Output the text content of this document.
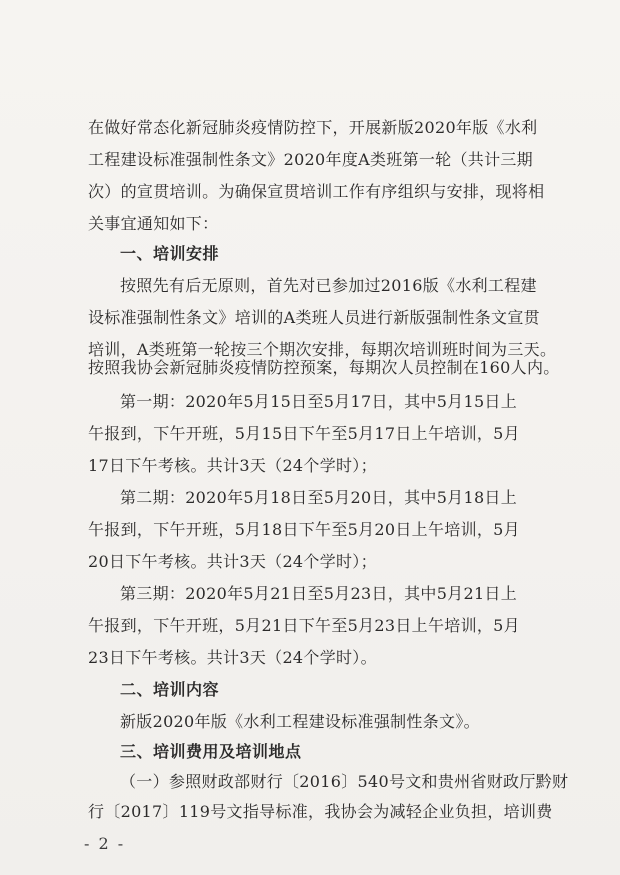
在做好常态化新冠肺炎疫情防控下，开展新版2020年版《水利
工程建设标准强制性条文》2020年度A类班第一轮（共计三期
次）的宣贯培训。为确保宣贯培训工作有序组织与安排，现将相
关事宜通知如下：
一、培训安排
按照先有后无原则，首先对已参加过2016版《水利工程建
设标准强制性条文》培训的A类班人员进行新版强制性条文宣贯
培训，A类班第一轮按三个期次安排，每期次培训班时间为三天。
按照我协会新冠肺炎疫情防控预案，每期次人员控制在160人内。
第一期：2020年5月15日至5月17日，其中5月15日上
午报到，下午开班，5月15日下午至5月17日上午培训，5月
17日下午考核。共计3天（24个学时）；
第二期：2020年5月18日至5月20日，其中5月18日上
午报到，下午开班，5月18日下午至5月20日上午培训，5月
20日下午考核。共计3天（24个学时）；
第三期：2020年5月21日至5月23日，其中5月21日上
午报到，下午开班，5月21日下午至5月23日上午培训，5月
23日下午考核。共计3天（24个学时）。
二、培训内容
新版2020年版《水利工程建设标准强制性条文》。
三、培训费用及培训地点
（一）参照财政部财行〔2016〕540号文和贵州省财政厅黔财
行〔2017〕119号文指导标准，我协会为减轻企业负担，培训费
- 2 -
